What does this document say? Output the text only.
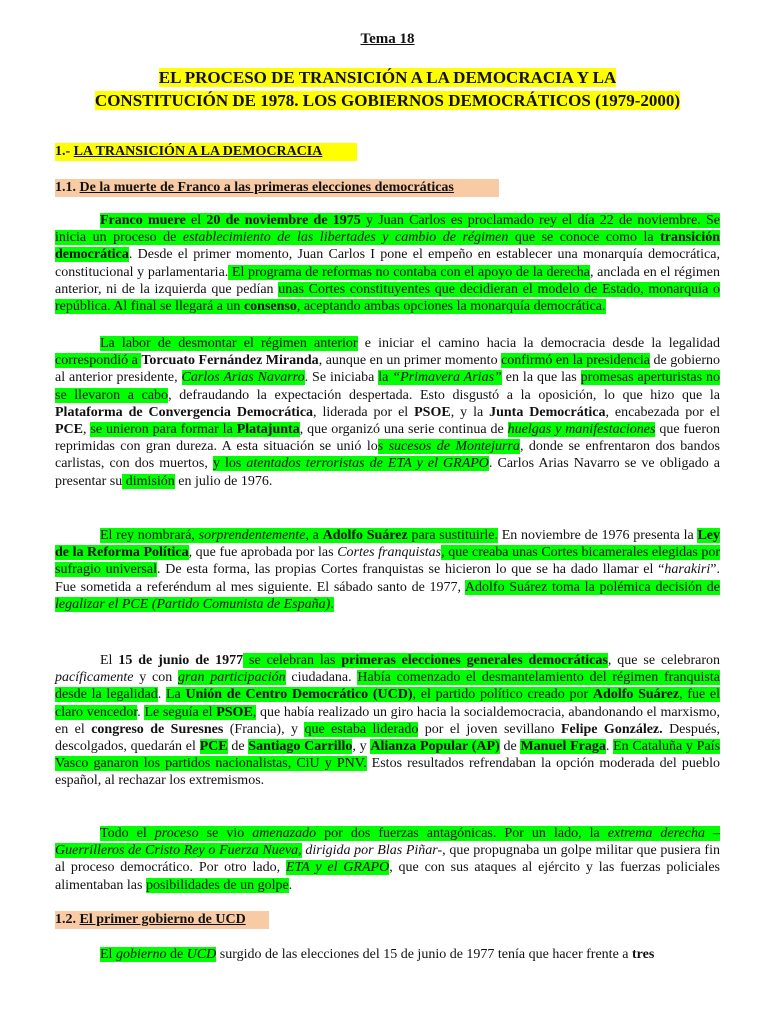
Tema 18
EL PROCESO DE TRANSICIÓN A LA DEMOCRACIA Y LA
CONSTITUCIÓN DE 1978. LOS GOBIERNOS DEMOCRÁTICOS (1979-2000)
1.- LA TRANSICIÓN A LA DEMOCRACIA
1.1. De la muerte de Franco a las primeras elecciones democráticas

Franco muere el 20 de noviembre de 1975 y Juan Carlos es proclamado rey el día 22 de noviembre. Se inicia un proceso de establecimiento de las libertades y cambio de régimen que se conoce como la transición democrática. Desde el primer momento, Juan Carlos I pone el empeño en establecer una monarquía democrática, constitucional y parlamentaria. El programa de reformas no contaba con el apoyo de la derecha, anclada en el régimen anterior, ni de la izquierda que pedían unas Cortes constituyentes que decidieran el modelo de Estado, monarquía o república. Al final se llegará a un consenso, aceptando ambas opciones la monarquía democrática.

La labor de desmontar el régimen anterior e iniciar el camino hacia la democracia desde la legalidad correspondió a Torcuato Fernández Miranda, aunque en un primer momento confirmó en la presidencia de gobierno al anterior presidente, Carlos Arias Navarro. Se iniciaba la “Primavera Arias” en la que las promesas aperturistas no se llevaron a cabo, defraudando la expectación despertada. Esto disgustó a la oposición, lo que hizo que la Plataforma de Convergencia Democrática, liderada por el PSOE, y la Junta Democrática, encabezada por el PCE, se unieron para formar la Platajunta, que organizó una serie continua de huelgas y manifestaciones que fueron reprimidas con gran dureza. A esta situación se unió los sucesos de Montejurra, donde se enfrentaron dos bandos carlistas, con dos muertos, y los atentados terroristas de ETA y el GRAPO. Carlos Arias Navarro se ve obligado a presentar su dimisión en julio de 1976.

El rey nombrará, sorprendentemente, a Adolfo Suárez para sustituirle. En noviembre de 1976 presenta la Ley de la Reforma Política, que fue aprobada por las Cortes franquistas, que creaba unas Cortes bicamerales elegidas por sufragio universal. De esta forma, las propias Cortes franquistas se hicieron lo que se ha dado llamar el “harakiri”. Fue sometida a referéndum al mes siguiente. El sábado santo de 1977, Adolfo Suárez toma la polémica decisión de legalizar el PCE (Partido Comunista de España).

El 15 de junio de 1977 se celebran las primeras elecciones generales democráticas, que se celebraron pacíficamente y con gran participación ciudadana. Había comenzado el desmantelamiento del régimen franquista desde la legalidad. La Unión de Centro Democrático (UCD), el partido político creado por Adolfo Suárez, fue el claro vencedor. Le seguía el PSOE, que había realizado un giro hacia la socialdemocracia, abandonando el marxismo, en el congreso de Suresnes (Francia), y que estaba liderado por el joven sevillano Felipe González. Después, descolgados, quedarán el PCE de Santiago Carrillo, y Alianza Popular (AP) de Manuel Fraga. En Cataluña y País Vasco ganaron los partidos nacionalistas, CiU y PNV. Estos resultados refrendaban la opción moderada del pueblo español, al rechazar los extremismos.

Todo el proceso se vio amenazado por dos fuerzas antagónicas. Por un lado, la extrema derecha – Guerrilleros de Cristo Rey o Fuerza Nueva, dirigida por Blas Piñar-, que propugnaba un golpe militar que pusiera fin al proceso democrático. Por otro lado, ETA y el GRAPO, que con sus ataques al ejército y las fuerzas policiales alimentaban las posibilidades de un golpe.

1.2. El primer gobierno de UCD

El gobierno de UCD surgido de las elecciones del 15 de junio de 1977 tenía que hacer frente a tres
